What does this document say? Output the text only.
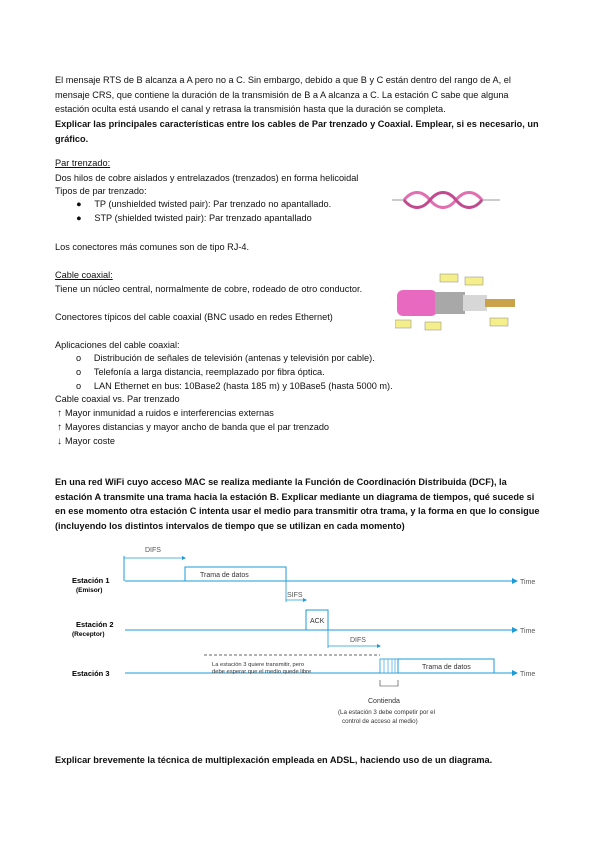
El mensaje RTS de B alcanza a A pero no a C. Sin embargo, debido a que B y C están dentro del rango de A, el mensaje CRS, que contiene la duración de la transmisión de B a A alcanza a C. La estación C sabe que alguna estación oculta está usando el canal y retrasa la transmisión hasta que la duración se completa.
Explicar las principales características entre los cables de Par trenzado y Coaxial. Emplear, si es necesario, un gráfico.
Par trenzado:
Dos hilos de cobre aislados y entrelazados (trenzados) en forma helicoidal
Tipos de par trenzado:
●     TP (unshielded twisted pair): Par trenzado no apantallado.
●     STP (shielded twisted pair): Par trenzado apantallado
Los conectores más comunes son de tipo RJ-4.
Cable coaxial:
Tiene un núcleo central, normalmente de cobre, rodeado de otro conductor.
Conectores típicos del cable coaxial (BNC usado en redes Ethernet)
Aplicaciones del cable coaxial:
o     Distribución de señales de televisión (antenas y televisión por cable).
o     Telefonía a larga distancia, reemplazado por fibra óptica.
o     LAN Ethernet en bus: 10Base2 (hasta 185 m) y 10Base5 (hasta 5000 m).
Cable coaxial vs. Par trenzado
↑ Mayor inmunidad a ruidos e interferencias externas
↑ Mayores distancias y mayor ancho de banda que el par trenzado
↓ Mayor coste
En una red WiFi cuyo acceso MAC se realiza mediante la Función de Coordinación Distribuida (DCF), la estación A transmite una trama hacia la estación B. Explicar mediante un diagrama de tiempos, qué sucede si en ese momento otra estación C intenta usar el medio para transmitir otra trama, y la forma en que lo consigue (incluyendo los distintos intervalos de tiempo que se utilizan en cada momento)
Estación 1
(Emisor)
Time
DIFS
Trama de datos
Estación 2
(Receptor)	Time
SIFS
ACK
Estación 3	Time
DIFS
La estación 3 quiere transmitir, pero
debe esperar que el medio quede libre
Trama de datos
Contienda
(La estación 3 debe competir por el
control de acceso al medio)
Explicar brevemente la técnica de multiplexación empleada en ADSL, haciendo uso de un diagrama.
